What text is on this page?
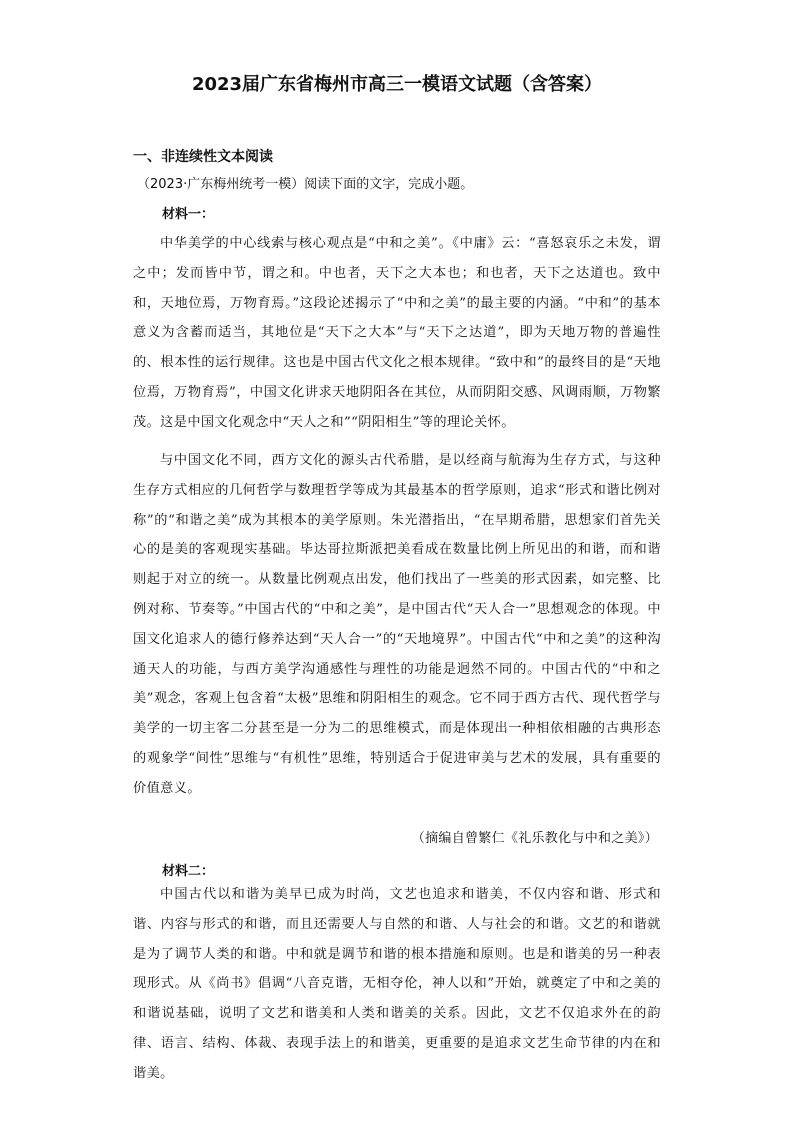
2023届广东省梅州市高三一模语文试题（含答案）
一、非连续性文本阅读
（2023·广东梅州统考一模）阅读下面的文字，完成小题。
材料一：

中华美学的中心线索与核心观点是“中和之美”。《中庸》云：“喜怒哀乐之未发，谓之中；发而皆中节，谓之和。中也者，天下之大本也；和也者，天下之达道也。致中和，天地位焉，万物育焉。”这段论述揭示了“中和之美”的最主要的内涵。“中和”的基本意义为含蓄而适当，其地位是“天下之大本”与“天下之达道”，即为天地万物的普遍性的、根本性的运行规律。这也是中国古代文化之根本规律。“致中和”的最终目的是“天地位焉，万物育焉”，中国文化讲求天地阴阳各在其位，从而阴阳交感、风调雨顺，万物繁茂。这是中国文化观念中“天人之和”“阴阳相生”等的理论关怀。

与中国文化不同，西方文化的源头古代希腊，是以经商与航海为生存方式，与这种生存方式相应的几何哲学与数理哲学等成为其最基本的哲学原则，追求“形式和谐比例对称”的“和谐之美”成为其根本的美学原则。朱光潜指出，“在早期希腊，思想家们首先关心的是美的客观现实基础。毕达哥拉斯派把美看成在数量比例上所见出的和谐，而和谐则起于对立的统一。从数量比例观点出发，他们找出了一些美的形式因素，如完整、比例对称、节奏等。”中国古代的“中和之美”，是中国古代“天人合一”思想观念的体现。中国文化追求人的德行修养达到“天人合一”的“天地境界”。中国古代“中和之美”的这种沟通天人的功能，与西方美学沟通感性与理性的功能是迥然不同的。中国古代的“中和之美”观念，客观上包含着“太极”思维和阴阳相生的观念。它不同于西方古代、现代哲学与美学的一切主客二分甚至是一分为二的思维模式，而是体现出一种相依相融的古典形态的观象学“间性”思维与“有机性”思维，特别适合于促进审美与艺术的发展，具有重要的价值意义。

（摘编自曾繁仁《礼乐教化与中和之美》）
材料二：

中国古代以和谐为美早已成为时尚，文艺也追求和谐美，不仅内容和谐、形式和谐、内容与形式的和谐，而且还需要人与自然的和谐、人与社会的和谐。文艺的和谐就是为了调节人类的和谐。中和就是调节和谐的根本措施和原则。也是和谐美的另一种表现形式。从《尚书》倡调“八音克谐，无相夺伦，神人以和”开始，就奠定了中和之美的和谐说基础，说明了文艺和谐美和人类和谐美的关系。因此，文艺不仅追求外在的韵律、语言、结构、体裁、表现手法上的和谐美，更重要的是追求文艺生命节律的内在和谐美。
